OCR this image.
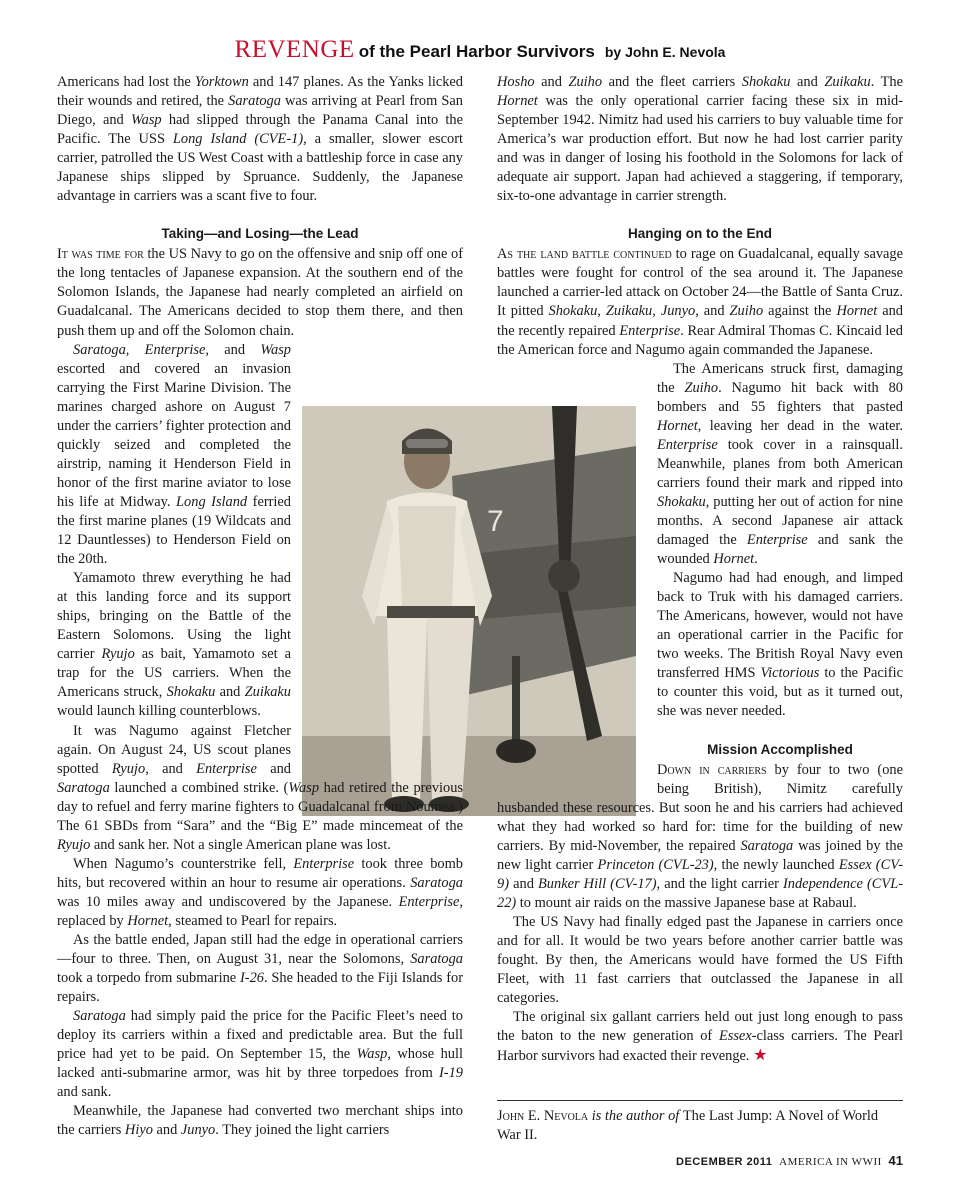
REVENGE of the Pearl Harbor Survivors by John E. Nevola
7

Americans had lost the Yorktown and 147 planes. As the Yanks licked their wounds and retired, the Saratoga was arriving at Pearl from San Diego, and Wasp had slipped through the Panama Canal into the Pacific. The USS Long Island (CVE-1), a smaller, slower escort carrier, patrolled the US West Coast with a battleship force in case any Japanese ships slipped by Spruance. Suddenly, the Japanese advantage in carriers was a scant five to four.

Taking—and Losing—the Lead

It was time for the US Navy to go on the offensive and snip off one of the long tentacles of Japanese expansion. At the southern end of the Solomon Islands, the Japanese had nearly completed an airfield on Guadalcanal. The Americans decided to stop them there, and then push them up and off the Solomon chain.

Saratoga, Enterprise, and Wasp escorted and covered an invasion carrying the First Marine Division. The marines charged ashore on August 7 under the carriers’ fighter protection and quickly seized and completed the airstrip, naming it Henderson Field in honor of the first marine aviator to lose his life at Midway. Long Island ferried the first marine planes (19 Wildcats and 12 Dauntlesses) to Henderson Field on the 20th.

Yamamoto threw everything he had at this landing force and its support ships, bringing on the Battle of the Eastern Solomons. Using the light carrier Ryujo as bait, Yamamoto set a trap for the US carriers. When the Americans struck, Shokaku and Zuikaku would launch killing counterblows.

It was Nagumo against Fletcher again. On August 24, US scout planes spotted Ryujo, and Enterprise and Saratoga launched a combined strike. (Wasp had retired the previous day to refuel and ferry marine fighters to Guadalcanal from Noumea.) The 61 SBDs from “Sara” and the “Big E” made mincemeat of the Ryujo and sank her. Not a single American plane was lost.

When Nagumo’s counterstrike fell, Enterprise took three bomb hits, but recovered within an hour to resume air operations. Saratoga was 10 miles away and undiscovered by the Japanese. Enterprise, replaced by Hornet, steamed to Pearl for repairs.

As the battle ended, Japan still had the edge in operational carriers—four to three. Then, on August 31, near the Solomons, Saratoga took a torpedo from submarine I-26. She headed to the Fiji Islands for repairs.

Saratoga had simply paid the price for the Pacific Fleet’s need to deploy its carriers within a fixed and predictable area. But the full price had yet to be paid. On September 15, the Wasp, whose hull lacked anti-submarine armor, was hit by three torpedoes from I-19 and sank.

Meanwhile, the Japanese had converted two merchant ships into the carriers Hiyo and Junyo. They joined the light carriers

Hosho and Zuiho and the fleet carriers Shokaku and Zuikaku. The Hornet was the only operational carrier facing these six in mid-September 1942. Nimitz had used his carriers to buy valuable time for America’s war production effort. But now he had lost carrier parity and was in danger of losing his foothold in the Solomons for lack of adequate air support. Japan had achieved a staggering, if temporary, six-to-one advantage in carrier strength.

Hanging on to the End

As the land battle continued to rage on Guadalcanal, equally savage battles were fought for control of the sea around it. The Japanese launched a carrier-led attack on October 24—the Battle of Santa Cruz. It pitted Shokaku, Zuikaku, Junyo, and Zuiho against the Hornet and the recently repaired Enterprise. Rear Admiral Thomas C. Kincaid led the American force and Nagumo again commanded the Japanese.

The Americans struck first, damaging the Zuiho. Nagumo hit back with 80 bombers and 55 fighters that pasted Hornet, leaving her dead in the water. Enterprise took cover in a rainsquall. Meanwhile, planes from both American carriers found their mark and ripped into Shokaku, putting her out of action for nine months. A second Japanese air attack damaged the Enterprise and sank the wounded Hornet.

Nagumo had had enough, and limped back to Truk with his damaged carriers. The Americans, however, would not have an operational carrier in the Pacific for two weeks. The British Royal Navy even transferred HMS Victorious to the Pacific to counter this void, but as it turned out, she was never needed.

Mission Accomplished

Down in carriers by four to two (one being British), Nimitz carefully husbanded these resources. But soon he and his carriers had achieved what they had worked so hard for: time for the building of new carriers. By mid-November, the repaired Saratoga was joined by the new light carrier Princeton (CVL-23), the newly launched Essex (CV-9) and Bunker Hill (CV-17), and the light carrier Independence (CVL-22) to mount air raids on the massive Japanese base at Rabaul.

The US Navy had finally edged past the Japanese in carriers once and for all. It would be two years before another carrier battle was fought. By then, the Americans would have formed the US Fifth Fleet, with 11 fast carriers that outclassed the Japanese in all categories.

The original six gallant carriers held out just long enough to pass the baton to the new generation of Essex-class carriers. The Pearl Harbor survivors had exacted their revenge. ★

John E. Nevola is the author of The Last Jump: A Novel of World War II.
DECEMBER 2011 AMERICA IN WWII 41
